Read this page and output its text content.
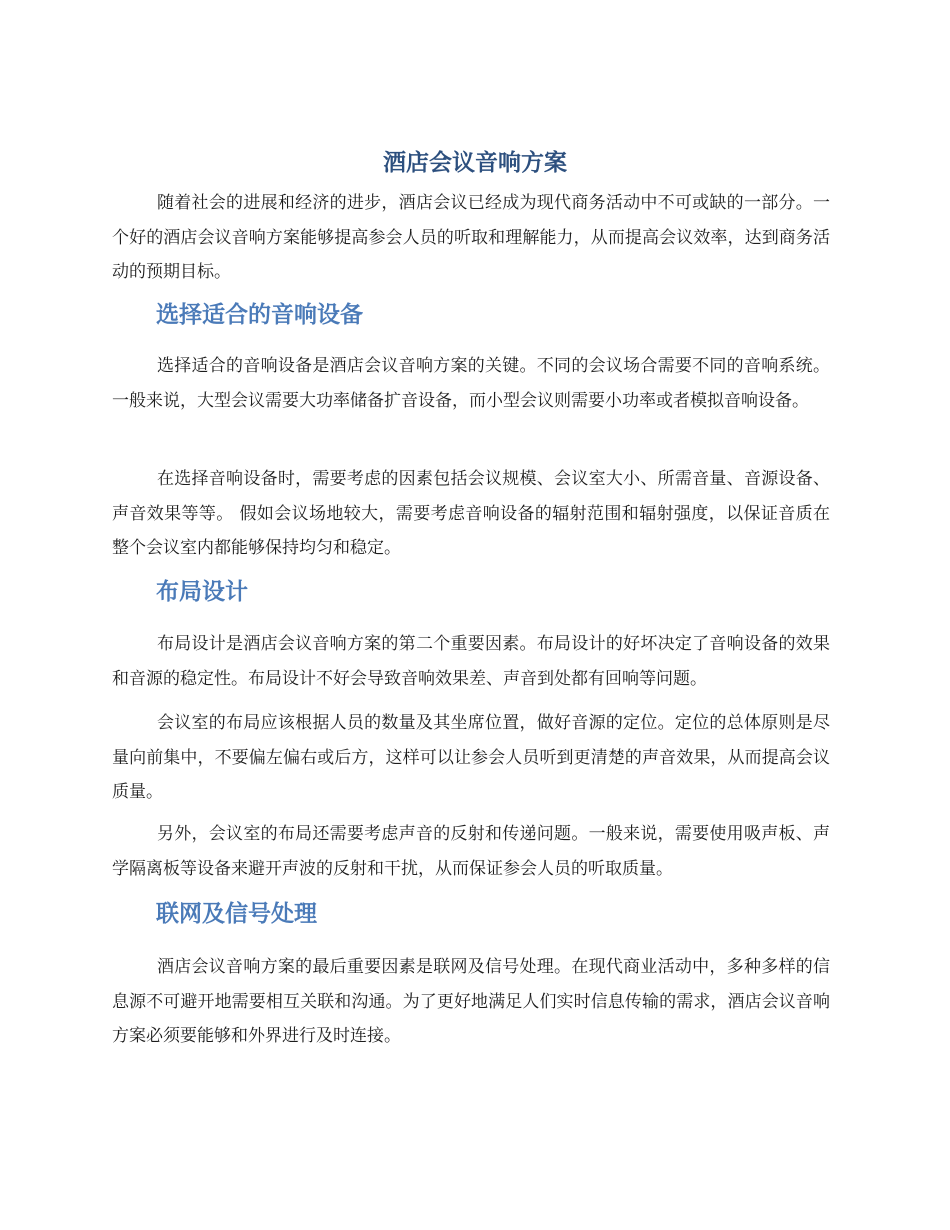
酒店会议音响方案

随着社会的进展和经济的进步，酒店会议已经成为现代商务活动中不可或缺的一部分。一个好的酒店会议音响方案能够提高参会人员的听取和理解能力，从而提高会议效率，达到商务活动的预期目标。

选择适合的音响设备

选择适合的音响设备是酒店会议音响方案的关键。不同的会议场合需要不同的音响系统。一般来说，大型会议需要大功率储备扩音设备，而小型会议则需要小功率或者模拟音响设备。

在选择音响设备时，需要考虑的因素包括会议规模、会议室大小、所需音量、音源设备、声音效果等等。 假如会议场地较大，需要考虑音响设备的辐射范围和辐射强度，以保证音质在整个会议室内都能够保持均匀和稳定。

布局设计

布局设计是酒店会议音响方案的第二个重要因素。布局设计的好坏决定了音响设备的效果和音源的稳定性。布局设计不好会导致音响效果差、声音到处都有回响等问题。

会议室的布局应该根据人员的数量及其坐席位置，做好音源的定位。定位的总体原则是尽量向前集中，不要偏左偏右或后方，这样可以让参会人员听到更清楚的声音效果，从而提高会议质量。

另外，会议室的布局还需要考虑声音的反射和传递问题。一般来说，需要使用吸声板、声学隔离板等设备来避开声波的反射和干扰，从而保证参会人员的听取质量。

联网及信号处理

酒店会议音响方案的最后重要因素是联网及信号处理。在现代商业活动中，多种多样的信息源不可避开地需要相互关联和沟通。为了更好地满足人们实时信息传输的需求，酒店会议音响方案必须要能够和外界进行及时连接。
